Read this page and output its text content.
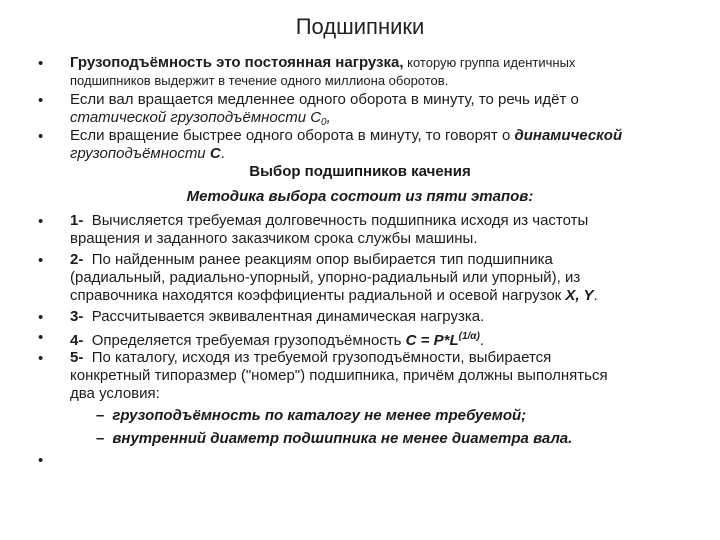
Подшипники
• Грузоподъёмность это постоянная нагрузка, которую группа идентичных
подшипников выдержит в течение одного миллиона оборотов.
• Если вал вращается медленнее одного оборота в минуту, то речь идёт о
статической грузоподъёмности $С_0$,
• Если вращение быстрее одного оборота в минуту, то говорят о динамической
грузоподъёмности С.
Выбор подшипников качения
Методика выбора состоит из пяти этапов:
• 1- Вычисляется требуемая долговечность подшипника исходя из частоты
вращения и заданного заказчиком срока службы машины.
• 2- По найденным ранее реакциям опор выбирается тип подшипника
(радиальный, радиально-упорный, упорно-радиальный или упорный), из
справочника находятся коэффициенты радиальной и осевой нагрузок X, Y.
• 3- Рассчитывается эквивалентная динамическая нагрузка.
• 4- Определяется требуемая грузоподъёмность $С = Р*L^{(1/\alpha)}$.
• 5- По каталогу, исходя из требуемой грузоподъёмности, выбирается
конкретный типоразмер ("номер") подшипника, причём должны выполняться
два условия:
– грузоподъёмность по каталогу не менее требуемой;
– внутренний диаметр подшипника не менее диаметра вала.
•
